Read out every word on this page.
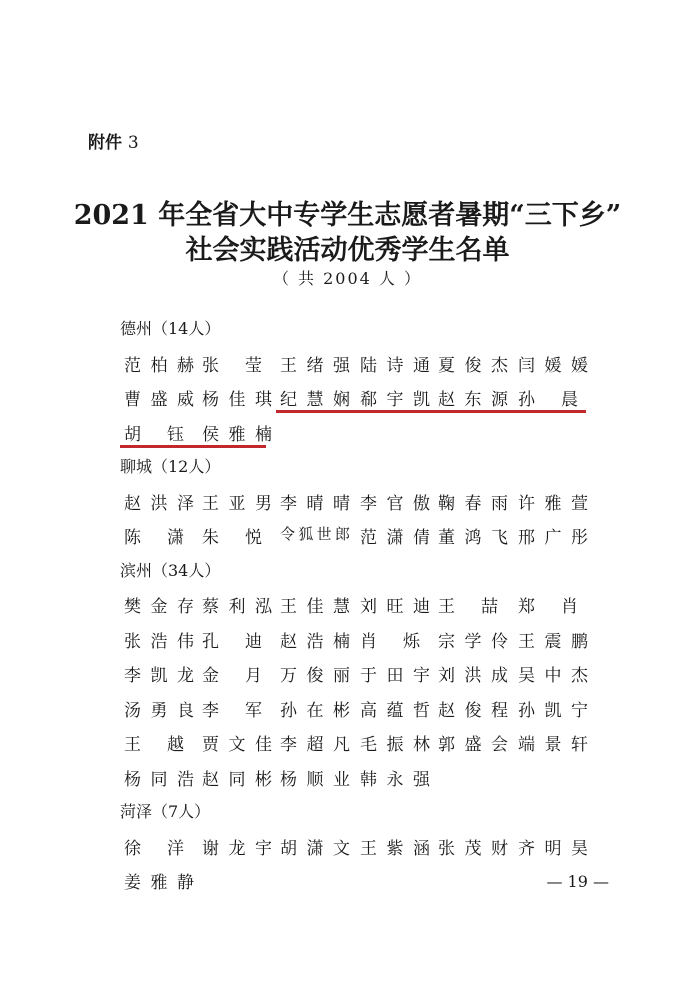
附件 3
2021 年全省大中专学生志愿者暑期“三下乡”
社会实践活动优秀学生名单
（ 共 2004 人 ）
德州（14人）
范 柏 赫 张 莹 王 绪 强 陆 诗 通 夏 俊 杰 闫 媛 媛
曹 盛 威 杨 佳 琪 纪 慧 娴 郗 宇 凯 赵 东 源 孙 晨
胡 钰 侯 雅 楠
聊城（12人）
赵 洪 泽 王 亚 男 李 晴 晴 李 官 傲 鞠 春 雨 许 雅 萱
陈 潇 朱 悦 令 狐 世 郎 范 潇 倩 董 鸿 飞 邢 广 彤
滨州（34人）
樊 金 存 蔡 利 泓 王 佳 慧 刘 旺 迪 王 喆 郑 肖
张 浩 伟 孔 迪 赵 浩 楠 肖 烁 宗 学 伶 王 震 鹏
李 凯 龙 金 月 万 俊 丽 于 田 宇 刘 洪 成 吴 中 杰
汤 勇 良 李 军 孙 在 彬 高 蕴 哲 赵 俊 程 孙 凯 宁
王 越 贾 文 佳 李 超 凡 毛 振 林 郭 盛 会 端 景 轩
杨 同 浩 赵 同 彬 杨 顺 业 韩 永 强
菏泽（7人）
徐 洋 谢 龙 宇 胡 潇 文 王 紫 涵 张 茂 财 齐 明 昊
姜 雅 静	— 19 —
